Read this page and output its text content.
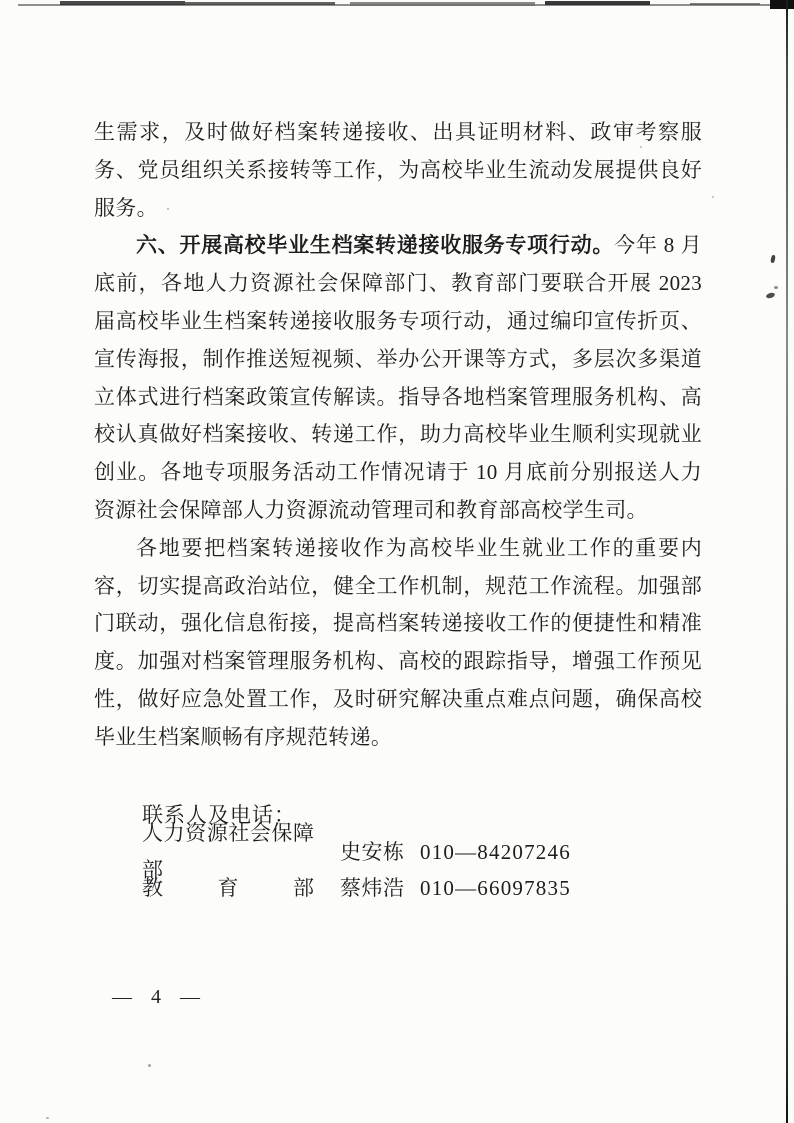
生需求，及时做好档案转递接收、出具证明材料、政审考察服
务、党员组织关系接转等工作，为高校毕业生流动发展提供良好
服务。
六、开展高校毕业生档案转递接收服务专项行动。今年 8 月
底前，各地人力资源社会保障部门、教育部门要联合开展 2023
届高校毕业生档案转递接收服务专项行动，通过编印宣传折页、
宣传海报，制作推送短视频、举办公开课等方式，多层次多渠道
立体式进行档案政策宣传解读。指导各地档案管理服务机构、高
校认真做好档案接收、转递工作，助力高校毕业生顺利实现就业
创业。各地专项服务活动工作情况请于 10 月底前分别报送人力
资源社会保障部人力资源流动管理司和教育部高校学生司。
各地要把档案转递接收作为高校毕业生就业工作的重要内
容，切实提高政治站位，健全工作机制，规范工作流程。加强部
门联动，强化信息衔接，提高档案转递接收工作的便捷性和精准
度。加强对档案管理服务机构、高校的跟踪指导，增强工作预见
性，做好应急处置工作，及时研究解决重点难点问题，确保高校
毕业生档案顺畅有序规范转递。
联系人及电话：
人力资源社会保障部
史安栋 010—84207246
教育部 蔡炜浩 010—66097835
— 4 —
